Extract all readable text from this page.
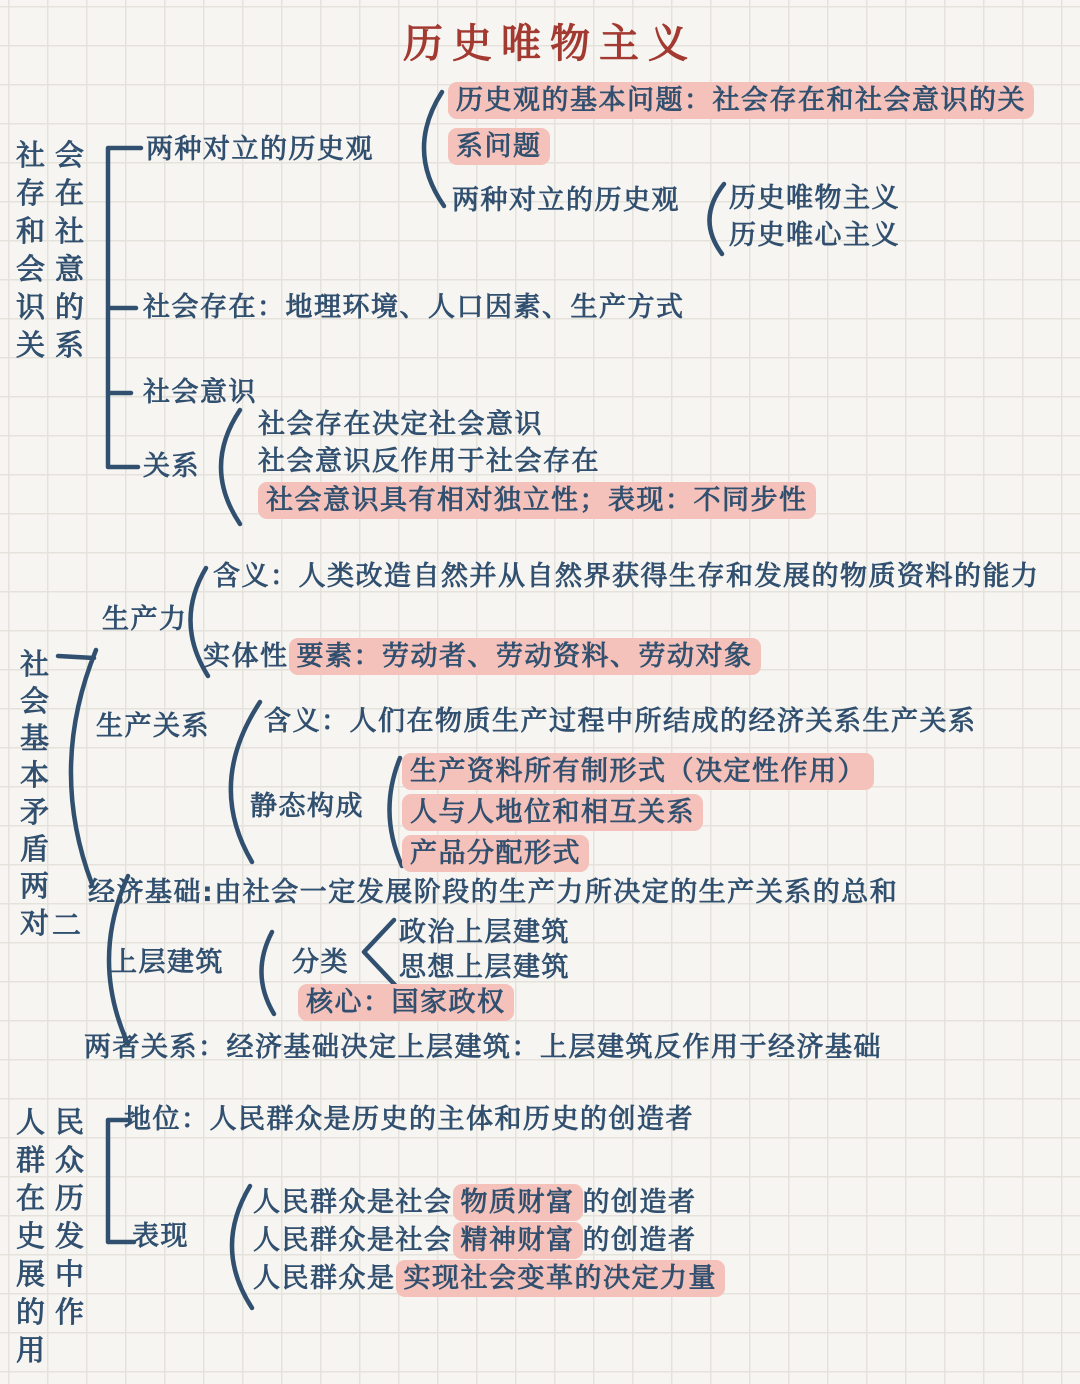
历史唯物主义
社会
存在
和社
会意
识的
关系
两种对立的历史观
历史观的基本问题：社会存在和社会意识的关
系问题
两种对立的历史观 历史唯物主义
历史唯心主义
社会存在：地理环境、人口因素、生产方式
社会意识
关系
社会存在决定社会意识
社会意识反作用于社会存在
社会意识具有相对独立性；表现：不同步性
社
会
基
本
矛
盾
两
对 二
生产力
含义：人类改造自然并从自然界获得生存和发展的物质资料的能力
实体性 要素：劳动者、劳动资料、劳动对象
生产关系 含义：人们在物质生产过程中所结成的经济关系生产关系
静态构成
生产资料所有制形式（决定性作用）
人与人地位和相互关系
产品分配形式
经济基础:由社会一定发展阶段的生产力所决定的生产关系的总和
上层建筑	分类
政治上层建筑
思想上层建筑
核心：国家政权
两者关系：经济基础决定上层建筑：上层建筑反作用于经济基础
人民
群众
在历
史发
展中
的作
用
地位：人民群众是历史的主体和历史的创造者
表现
人民群众是社会 物质财富 的创造者
人民群众是社会 精神财富 的创造者
人民群众是 实现社会变革的决定力量
